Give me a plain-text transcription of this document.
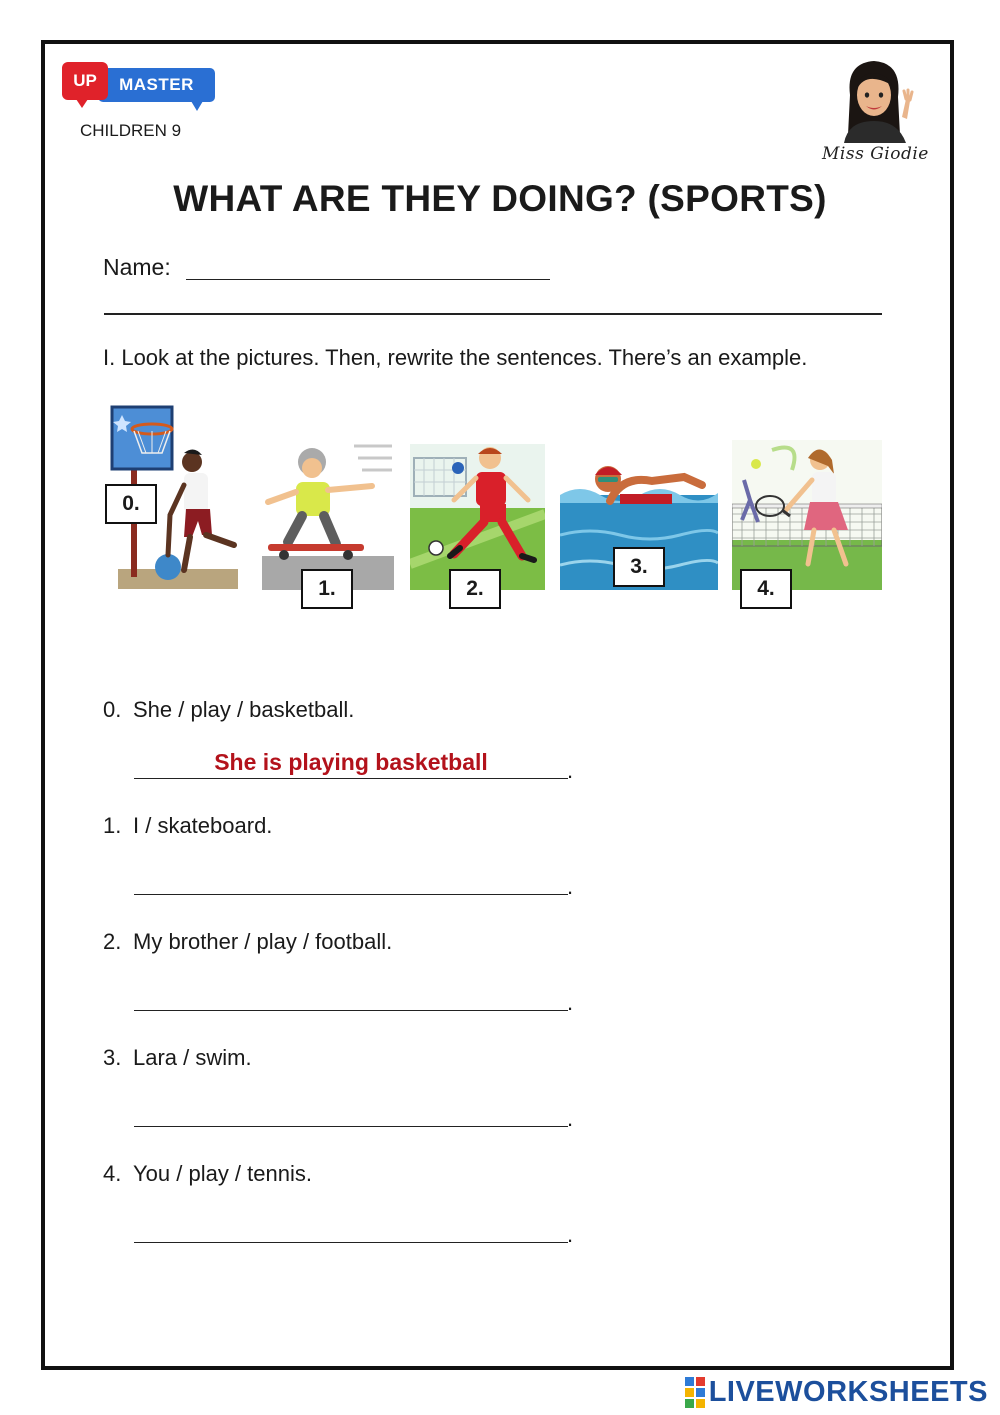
MASTER
UP
CHILDREN 9
Miss Giodie
WHAT ARE THEY DOING? (SPORTS)
Name:
I. Look at the pictures. Then, rewrite the sentences. There’s an example.
0.
1.	2.
3.
4.
0. She / play / basketball.
She is playing basketball	.
1. I / skateboard.
.
2. My brother / play / football.
.
3. Lara / swim.
.
4. You / play / tennis.
.
LIVEWORKSHEETS
